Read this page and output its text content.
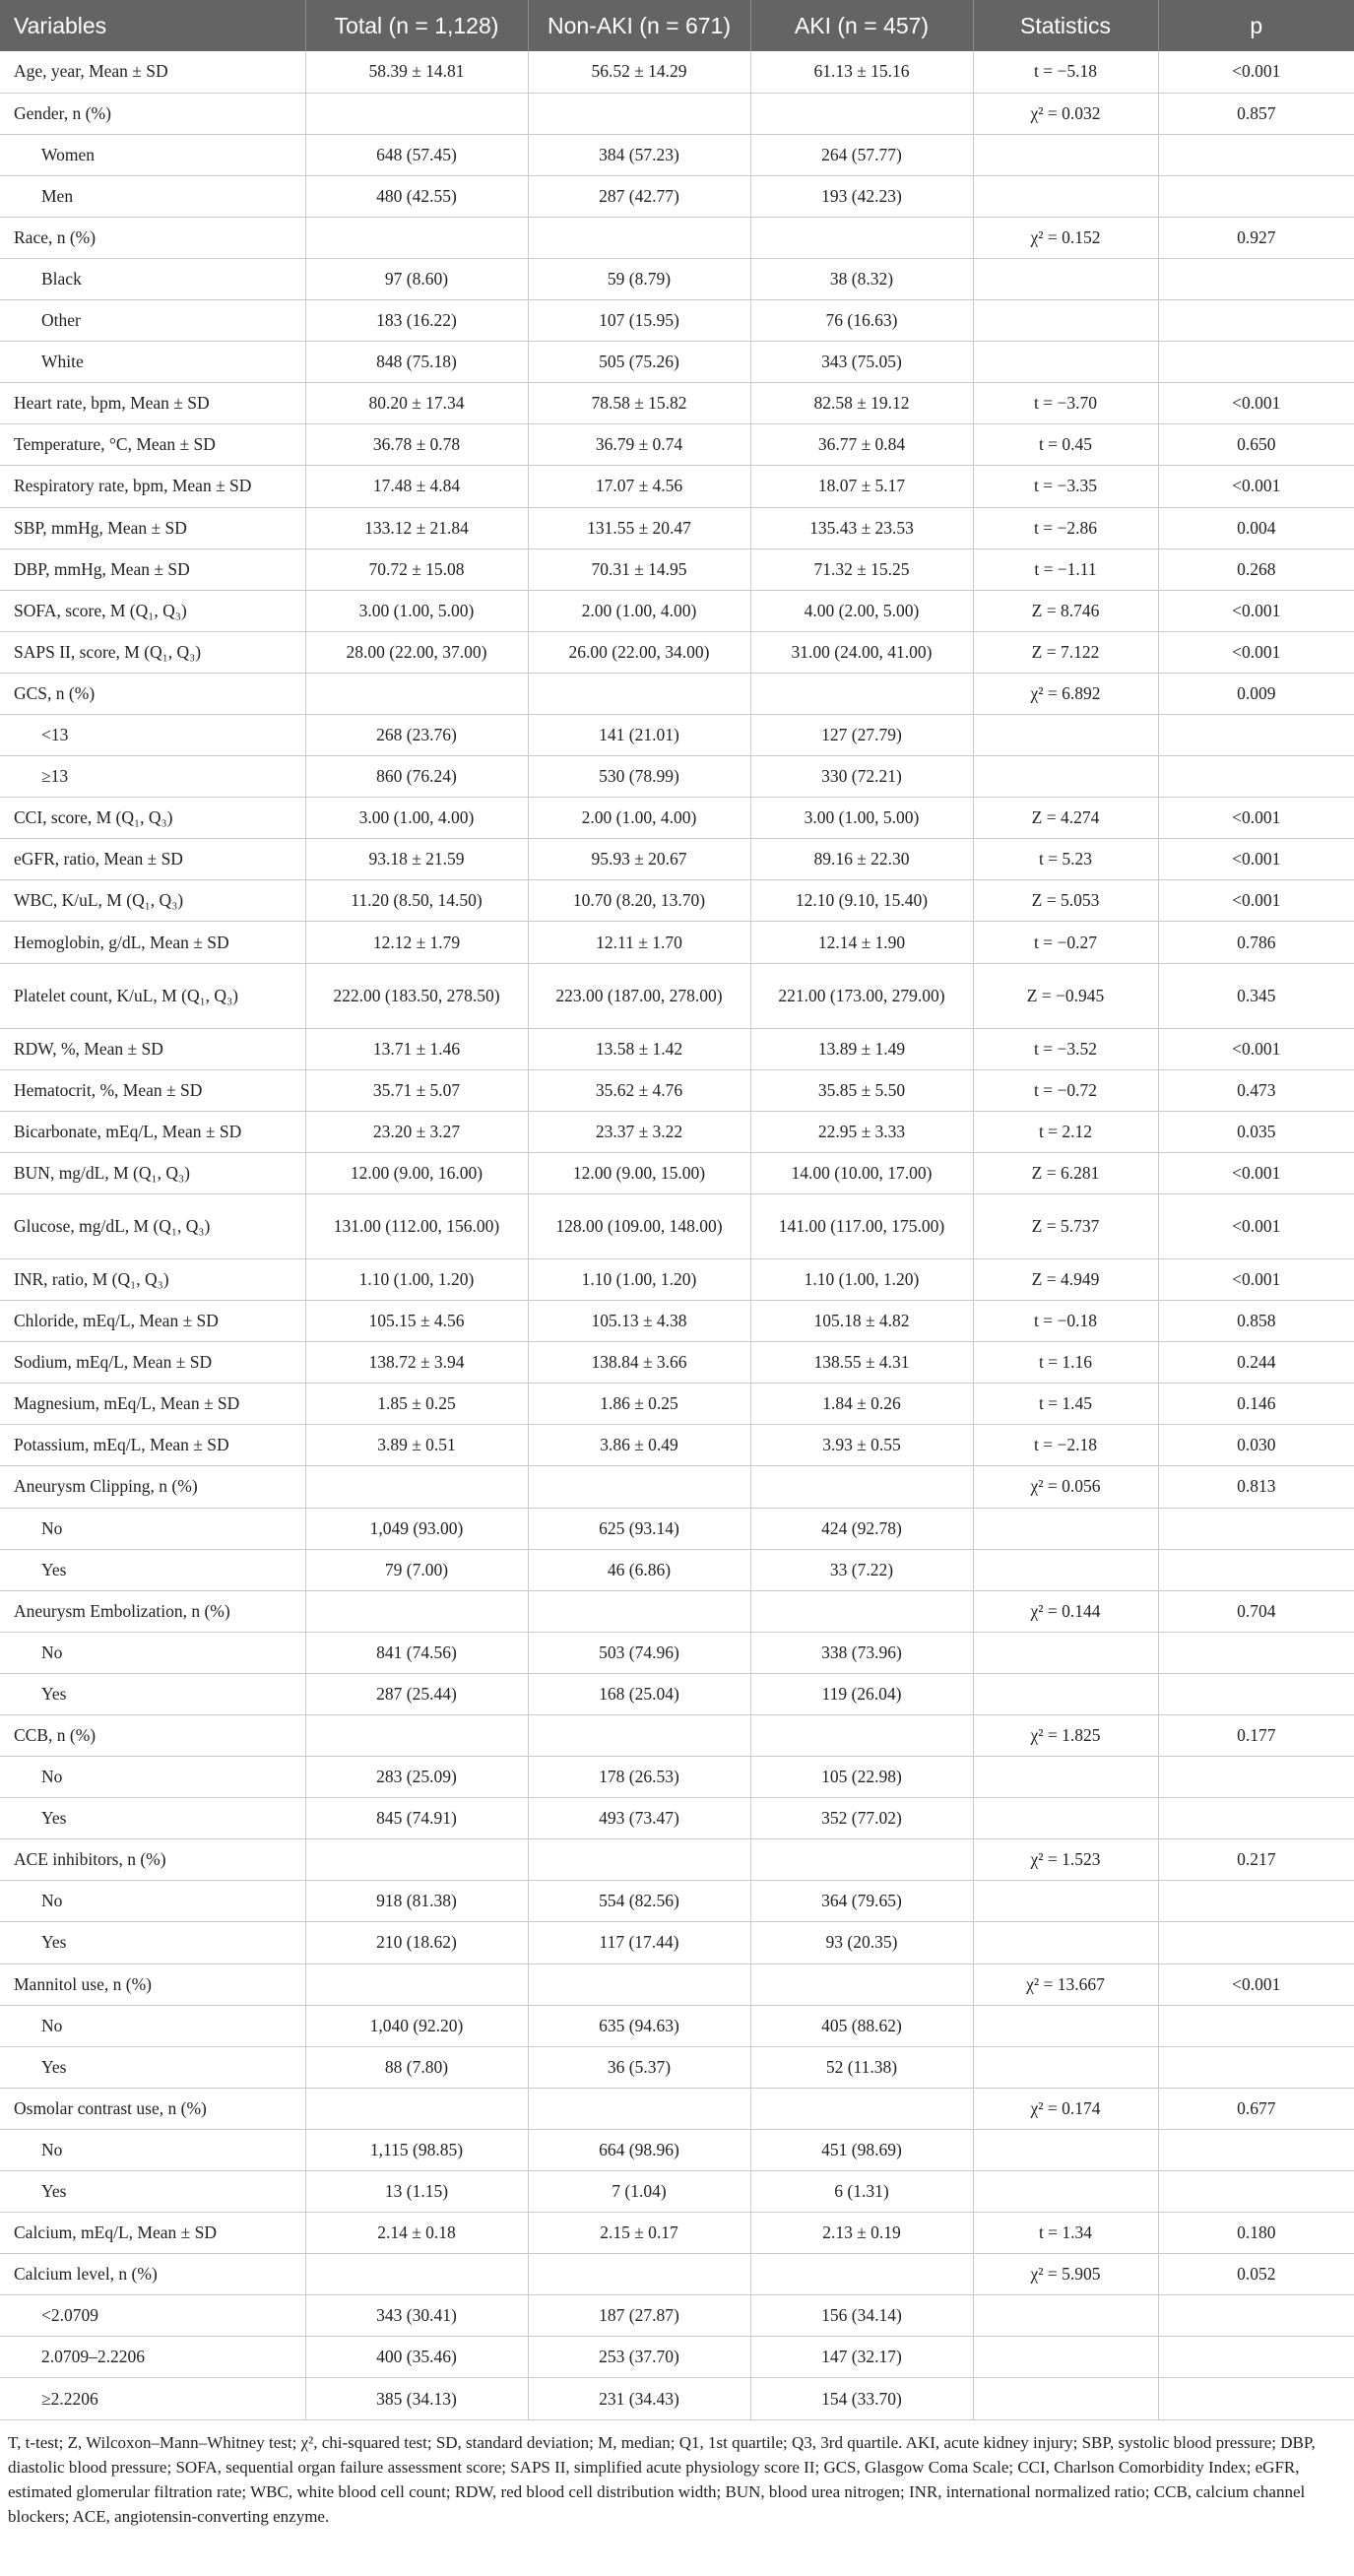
Variables	Total (n = 1,128)	Non-AKI (n = 671)	AKI (n = 457)	Statistics	p
Age, year, Mean ± SD	58.39 ± 14.81	56.52 ± 14.29	61.13 ± 15.16	t = −5.18	<0.001
Gender, n (%)				χ² = 0.032	0.857
Women	648 (57.45)	384 (57.23)	264 (57.77)		
Men	480 (42.55)	287 (42.77)	193 (42.23)		
Race, n (%)				χ² = 0.152	0.927
Black	97 (8.60)	59 (8.79)	38 (8.32)		
Other	183 (16.22)	107 (15.95)	76 (16.63)		
White	848 (75.18)	505 (75.26)	343 (75.05)		
Heart rate, bpm, Mean ± SD	80.20 ± 17.34	78.58 ± 15.82	82.58 ± 19.12	t = −3.70	<0.001
Temperature, °C, Mean ± SD	36.78 ± 0.78	36.79 ± 0.74	36.77 ± 0.84	t = 0.45	0.650
Respiratory rate, bpm, Mean ± SD	17.48 ± 4.84	17.07 ± 4.56	18.07 ± 5.17	t = −3.35	<0.001
SBP, mmHg, Mean ± SD	133.12 ± 21.84	131.55 ± 20.47	135.43 ± 23.53	t = −2.86	0.004
DBP, mmHg, Mean ± SD	70.72 ± 15.08	70.31 ± 14.95	71.32 ± 15.25	t = −1.11	0.268
SOFA, score, M (Q₁, Q₃)	3.00 (1.00, 5.00)	2.00 (1.00, 4.00)	4.00 (2.00, 5.00)	Z = 8.746	<0.001
SAPS II, score, M (Q₁, Q₃)	28.00 (22.00, 37.00)	26.00 (22.00, 34.00)	31.00 (24.00, 41.00)	Z = 7.122	<0.001
GCS, n (%)				χ² = 6.892	0.009
<13	268 (23.76)	141 (21.01)	127 (27.79)		
≥13	860 (76.24)	530 (78.99)	330 (72.21)		
CCI, score, M (Q₁, Q₃)	3.00 (1.00, 4.00)	2.00 (1.00, 4.00)	3.00 (1.00, 5.00)	Z = 4.274	<0.001
eGFR, ratio, Mean ± SD	93.18 ± 21.59	95.93 ± 20.67	89.16 ± 22.30	t = 5.23	<0.001
WBC, K/uL, M (Q₁, Q₃)	11.20 (8.50, 14.50)	10.70 (8.20, 13.70)	12.10 (9.10, 15.40)	Z = 5.053	<0.001
Hemoglobin, g/dL, Mean ± SD	12.12 ± 1.79	12.11 ± 1.70	12.14 ± 1.90	t = −0.27	0.786
Platelet count, K/uL, M (Q₁, Q₃)	222.00 (183.50, 278.50)	223.00 (187.00, 278.00)	221.00 (173.00, 279.00)	Z = −0.945	0.345
RDW, %, Mean ± SD	13.71 ± 1.46	13.58 ± 1.42	13.89 ± 1.49	t = −3.52	<0.001
Hematocrit, %, Mean ± SD	35.71 ± 5.07	35.62 ± 4.76	35.85 ± 5.50	t = −0.72	0.473
Bicarbonate, mEq/L, Mean ± SD	23.20 ± 3.27	23.37 ± 3.22	22.95 ± 3.33	t = 2.12	0.035
BUN, mg/dL, M (Q₁, Q₃)	12.00 (9.00, 16.00)	12.00 (9.00, 15.00)	14.00 (10.00, 17.00)	Z = 6.281	<0.001
Glucose, mg/dL, M (Q₁, Q₃)	131.00 (112.00, 156.00)	128.00 (109.00, 148.00)	141.00 (117.00, 175.00)	Z = 5.737	<0.001
INR, ratio, M (Q₁, Q₃)	1.10 (1.00, 1.20)	1.10 (1.00, 1.20)	1.10 (1.00, 1.20)	Z = 4.949	<0.001
Chloride, mEq/L, Mean ± SD	105.15 ± 4.56	105.13 ± 4.38	105.18 ± 4.82	t = −0.18	0.858
Sodium, mEq/L, Mean ± SD	138.72 ± 3.94	138.84 ± 3.66	138.55 ± 4.31	t = 1.16	0.244
Magnesium, mEq/L, Mean ± SD	1.85 ± 0.25	1.86 ± 0.25	1.84 ± 0.26	t = 1.45	0.146
Potassium, mEq/L, Mean ± SD	3.89 ± 0.51	3.86 ± 0.49	3.93 ± 0.55	t = −2.18	0.030
Aneurysm Clipping, n (%)				χ² = 0.056	0.813
No	1,049 (93.00)	625 (93.14)	424 (92.78)		
Yes	79 (7.00)	46 (6.86)	33 (7.22)		
Aneurysm Embolization, n (%)				χ² = 0.144	0.704
No	841 (74.56)	503 (74.96)	338 (73.96)		
Yes	287 (25.44)	168 (25.04)	119 (26.04)		
CCB, n (%)				χ² = 1.825	0.177
No	283 (25.09)	178 (26.53)	105 (22.98)		
Yes	845 (74.91)	493 (73.47)	352 (77.02)		
ACE inhibitors, n (%)				χ² = 1.523	0.217
No	918 (81.38)	554 (82.56)	364 (79.65)		
Yes	210 (18.62)	117 (17.44)	93 (20.35)		
Mannitol use, n (%)				χ² = 13.667	<0.001
No	1,040 (92.20)	635 (94.63)	405 (88.62)		
Yes	88 (7.80)	36 (5.37)	52 (11.38)		
Osmolar contrast use, n (%)				χ² = 0.174	0.677
No	1,115 (98.85)	664 (98.96)	451 (98.69)		
Yes	13 (1.15)	7 (1.04)	6 (1.31)		
Calcium, mEq/L, Mean ± SD	2.14 ± 0.18	2.15 ± 0.17	2.13 ± 0.19	t = 1.34	0.180
Calcium level, n (%)				χ² = 5.905	0.052
<2.0709	343 (30.41)	187 (27.87)	156 (34.14)		
2.0709–2.2206	400 (35.46)	253 (37.70)	147 (32.17)		
≥2.2206	385 (34.13)	231 (34.43)	154 (33.70)		
T, t-test; Z, Wilcoxon–Mann–Whitney test; χ², chi-squared test; SD, standard deviation; M, median; Q1, 1st quartile; Q3, 3rd quartile. AKI, acute kidney injury; SBP, systolic blood pressure; DBP, diastolic blood pressure; SOFA, sequential organ failure assessment score; SAPS II, simplified acute physiology score II; GCS, Glasgow Coma Scale; CCI, Charlson Comorbidity Index; eGFR, estimated glomerular filtration rate; WBC, white blood cell count; RDW, red blood cell distribution width; BUN, blood urea nitrogen; INR, international normalized ratio; CCB, calcium channel blockers; ACE, angiotensin-converting enzyme.
